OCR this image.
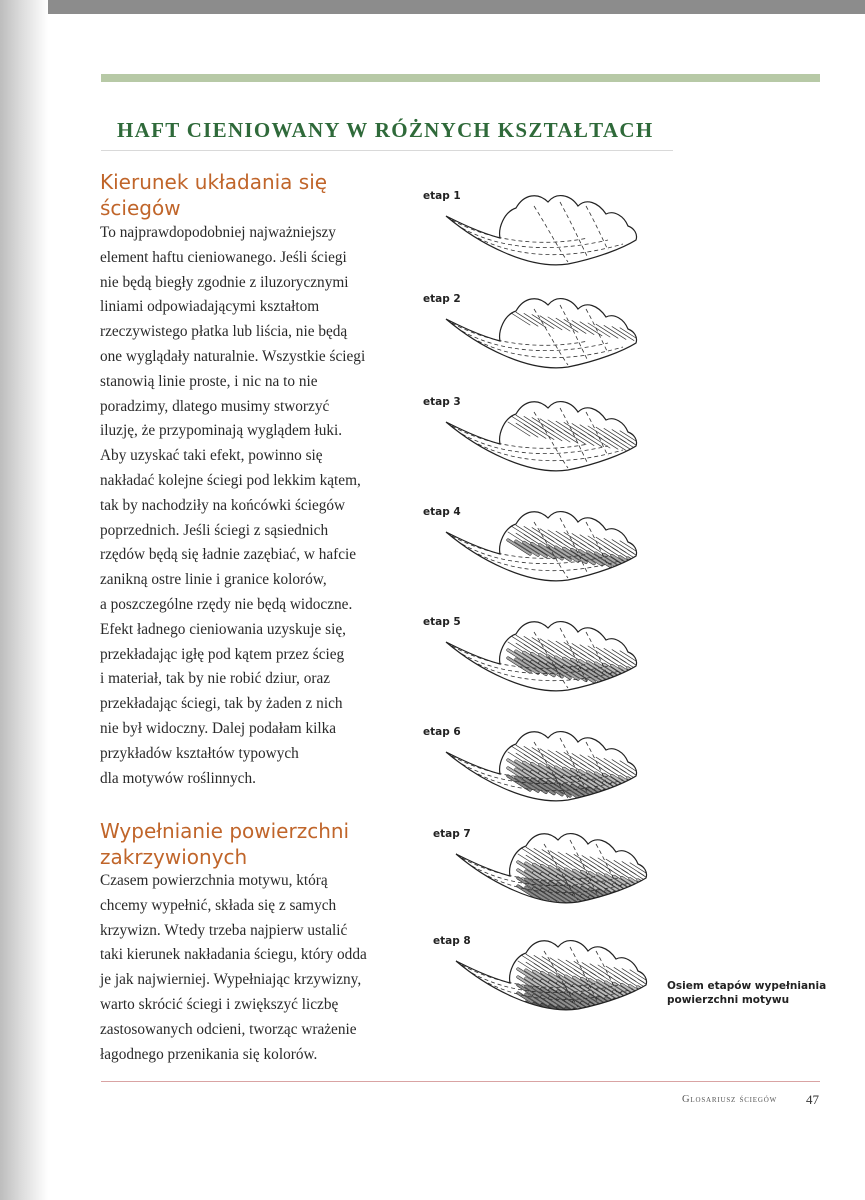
HAFT CIENIOWANY W RÓŻNYCH KSZTAŁTACH
Kierunek układania się
ściegów
To najprawdopodobniej najważniejszy
element haftu cieniowanego. Jeśli ściegi
nie będą biegły zgodnie z iluzorycznymi
liniami odpowiadającymi kształtom
rzeczywistego płatka lub liścia, nie będą
one wyglądały naturalnie. Wszystkie ściegi
stanowią linie proste, i nic na to nie
poradzimy, dlatego musimy stworzyć
iluzję, że przypominają wyglądem łuki.
Aby uzyskać taki efekt, powinno się
nakładać kolejne ściegi pod lekkim kątem,
tak by nachodziły na końcówki ściegów
poprzednich. Jeśli ściegi z sąsiednich
rzędów będą się ładnie zazębiać, w hafcie
zanikną ostre linie i granice kolorów,
a poszczególne rzędy nie będą widoczne.
Efekt ładnego cieniowania uzyskuje się,
przekładając igłę pod kątem przez ścieg
i materiał, tak by nie robić dziur, oraz
przekładając ściegi, tak by żaden z nich
nie był widoczny. Dalej podałam kilka
przykładów kształtów typowych
dla motywów roślinnych.
Wypełnianie powierzchni
zakrzywionych
Czasem powierzchnia motywu, którą
chcemy wypełnić, składa się z samych
krzywizn. Wtedy trzeba najpierw ustalić
taki kierunek nakładania ściegu, który odda
je jak najwierniej. Wypełniając krzywizny,
warto skrócić ściegi i zwiększyć liczbę
zastosowanych odcieni, tworząc wrażenie
łagodnego przenikania się kolorów.
etap 1
etap 2
etap 3
etap 4
etap 5
etap 6
etap 7
etap 8

Osiem etapów wypełniania
powierzchni motywu

Glosariusz ściegów 47
